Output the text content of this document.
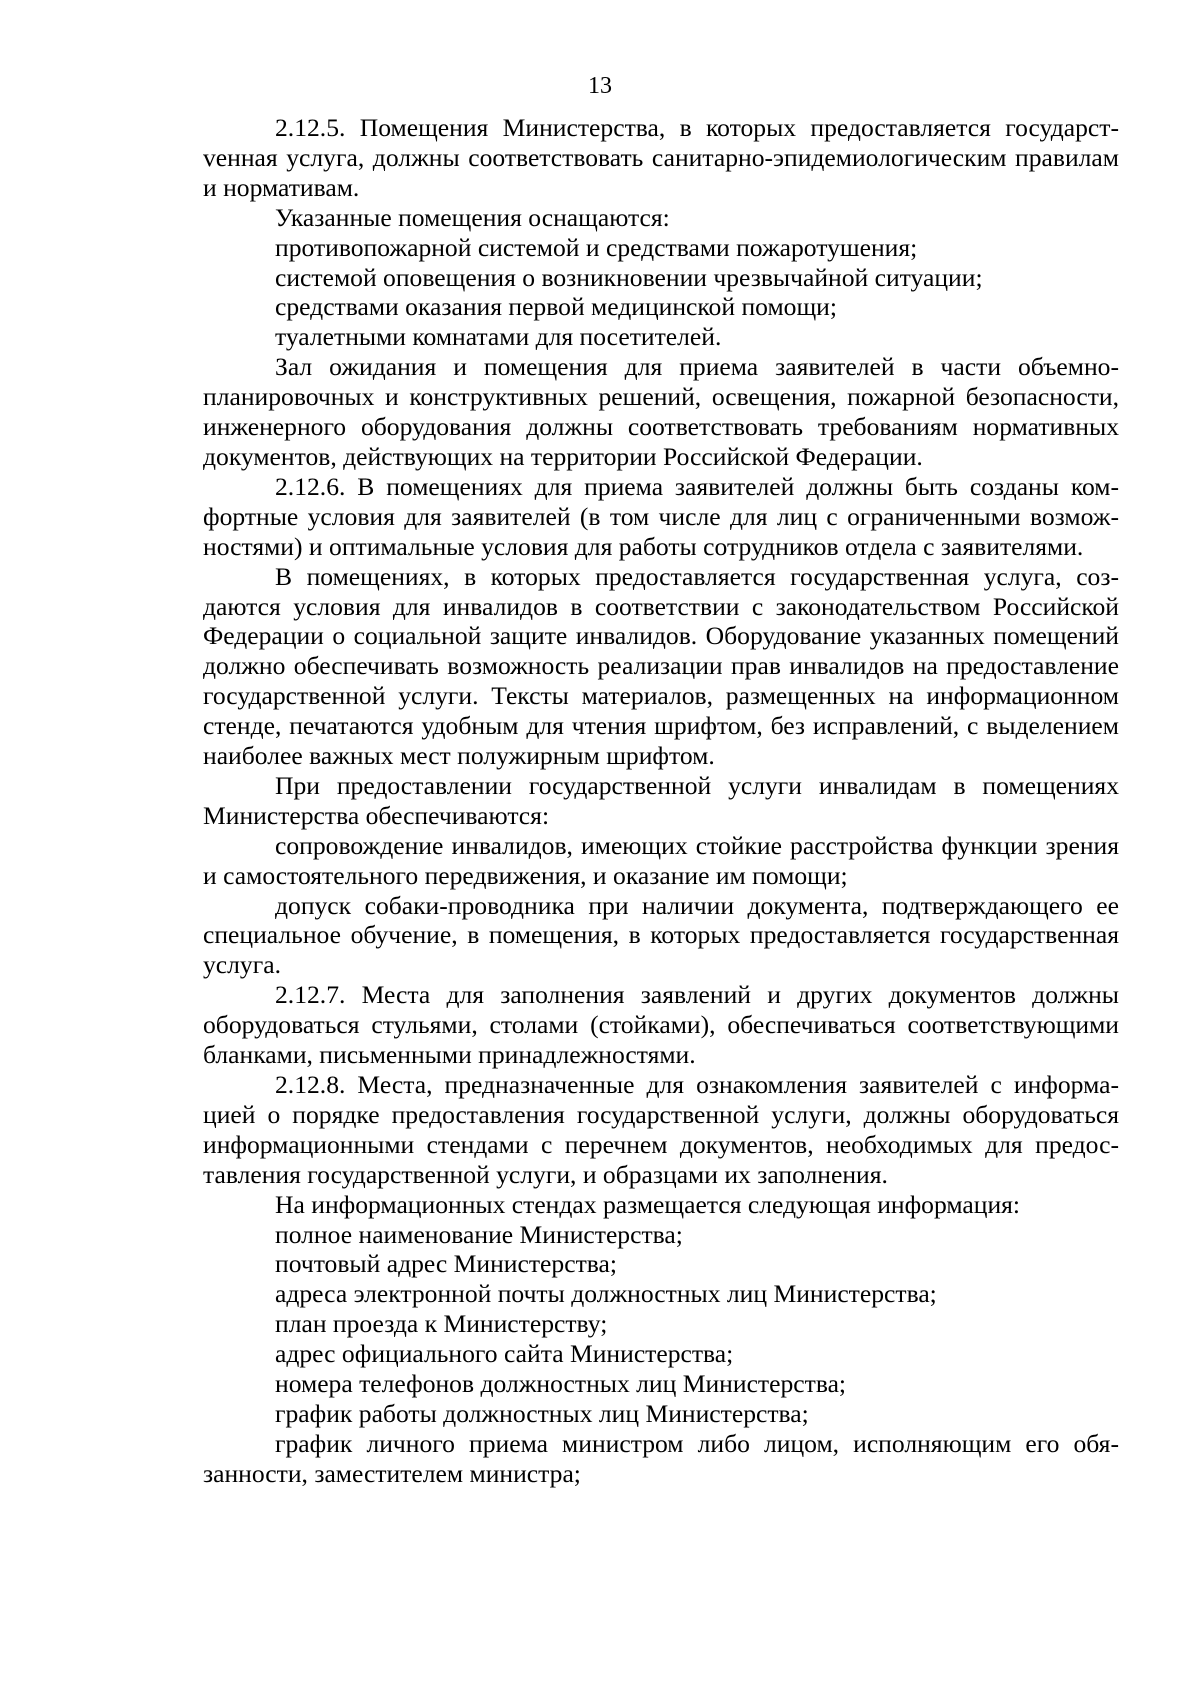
13

2.12.5. Помещения Министерства, в которых предоставляется государстvенная услуга, должны соответствовать санитарно-эпидемиологическим правилам и нормативам.

Указанные помещения оснащаются:

противопожарной системой и средствами пожаротушения;

системой оповещения о возникновении чрезвычайной ситуации;

средствами оказания первой медицинской помощи;

туалетными комнатами для посетителей.

Зал ожидания и помещения для приема заявителей в части объемно-планировочных и конструктивных решений, освещения, пожарной безопасности, инженерного оборудования должны соответствовать требованиям нормативных документов, действующих на территории Российской Федерации.

2.12.6. В помещениях для приема заявителей должны быть созданы комфортные условия для заявителей (в том числе для лиц с ограниченными возможностями) и оптимальные условия для работы сотрудников отдела с заявителями.

В помещениях, в которых предоставляется государственная услуга, создаются условия для инвалидов в соответствии с законодательством Российской Федерации о социальной защите инвалидов. Оборудование указанных помещений должно обеспечивать возможность реализации прав инвалидов на предоставление государственной услуги. Тексты материалов, размещенных на информационном стенде, печатаются удобным для чтения шрифтом, без исправлений, с выделением наиболее важных мест полужирным шрифтом.

При предоставлении государственной услуги инвалидам в помещениях Министерства обеспечиваются:

сопровождение инвалидов, имеющих стойкие расстройства функции зрения и самостоятельного передвижения, и оказание им помощи;

допуск собаки-проводника при наличии документа, подтверждающего ее специальное обучение, в помещения, в которых предоставляется государственная услуга.

2.12.7. Места для заполнения заявлений и других документов должны оборудоваться стульями, столами (стойками), обеспечиваться соответствующими бланками, письменными принадлежностями.

2.12.8. Места, предназначенные для ознакомления заявителей с информацией о порядке предоставления государственной услуги, должны оборудоваться информационными стендами с перечнем документов, необходимых для предоставления государственной услуги, и образцами их заполнения.

На информационных стендах размещается следующая информация:

полное наименование Министерства;

почтовый адрес Министерства;

адреса электронной почты должностных лиц Министерства;

план проезда к Министерству;

адрес официального сайта Министерства;

номера телефонов должностных лиц Министерства;

график работы должностных лиц Министерства;

график личного приема министром либо лицом, исполняющим его обязанности, заместителем министра;
